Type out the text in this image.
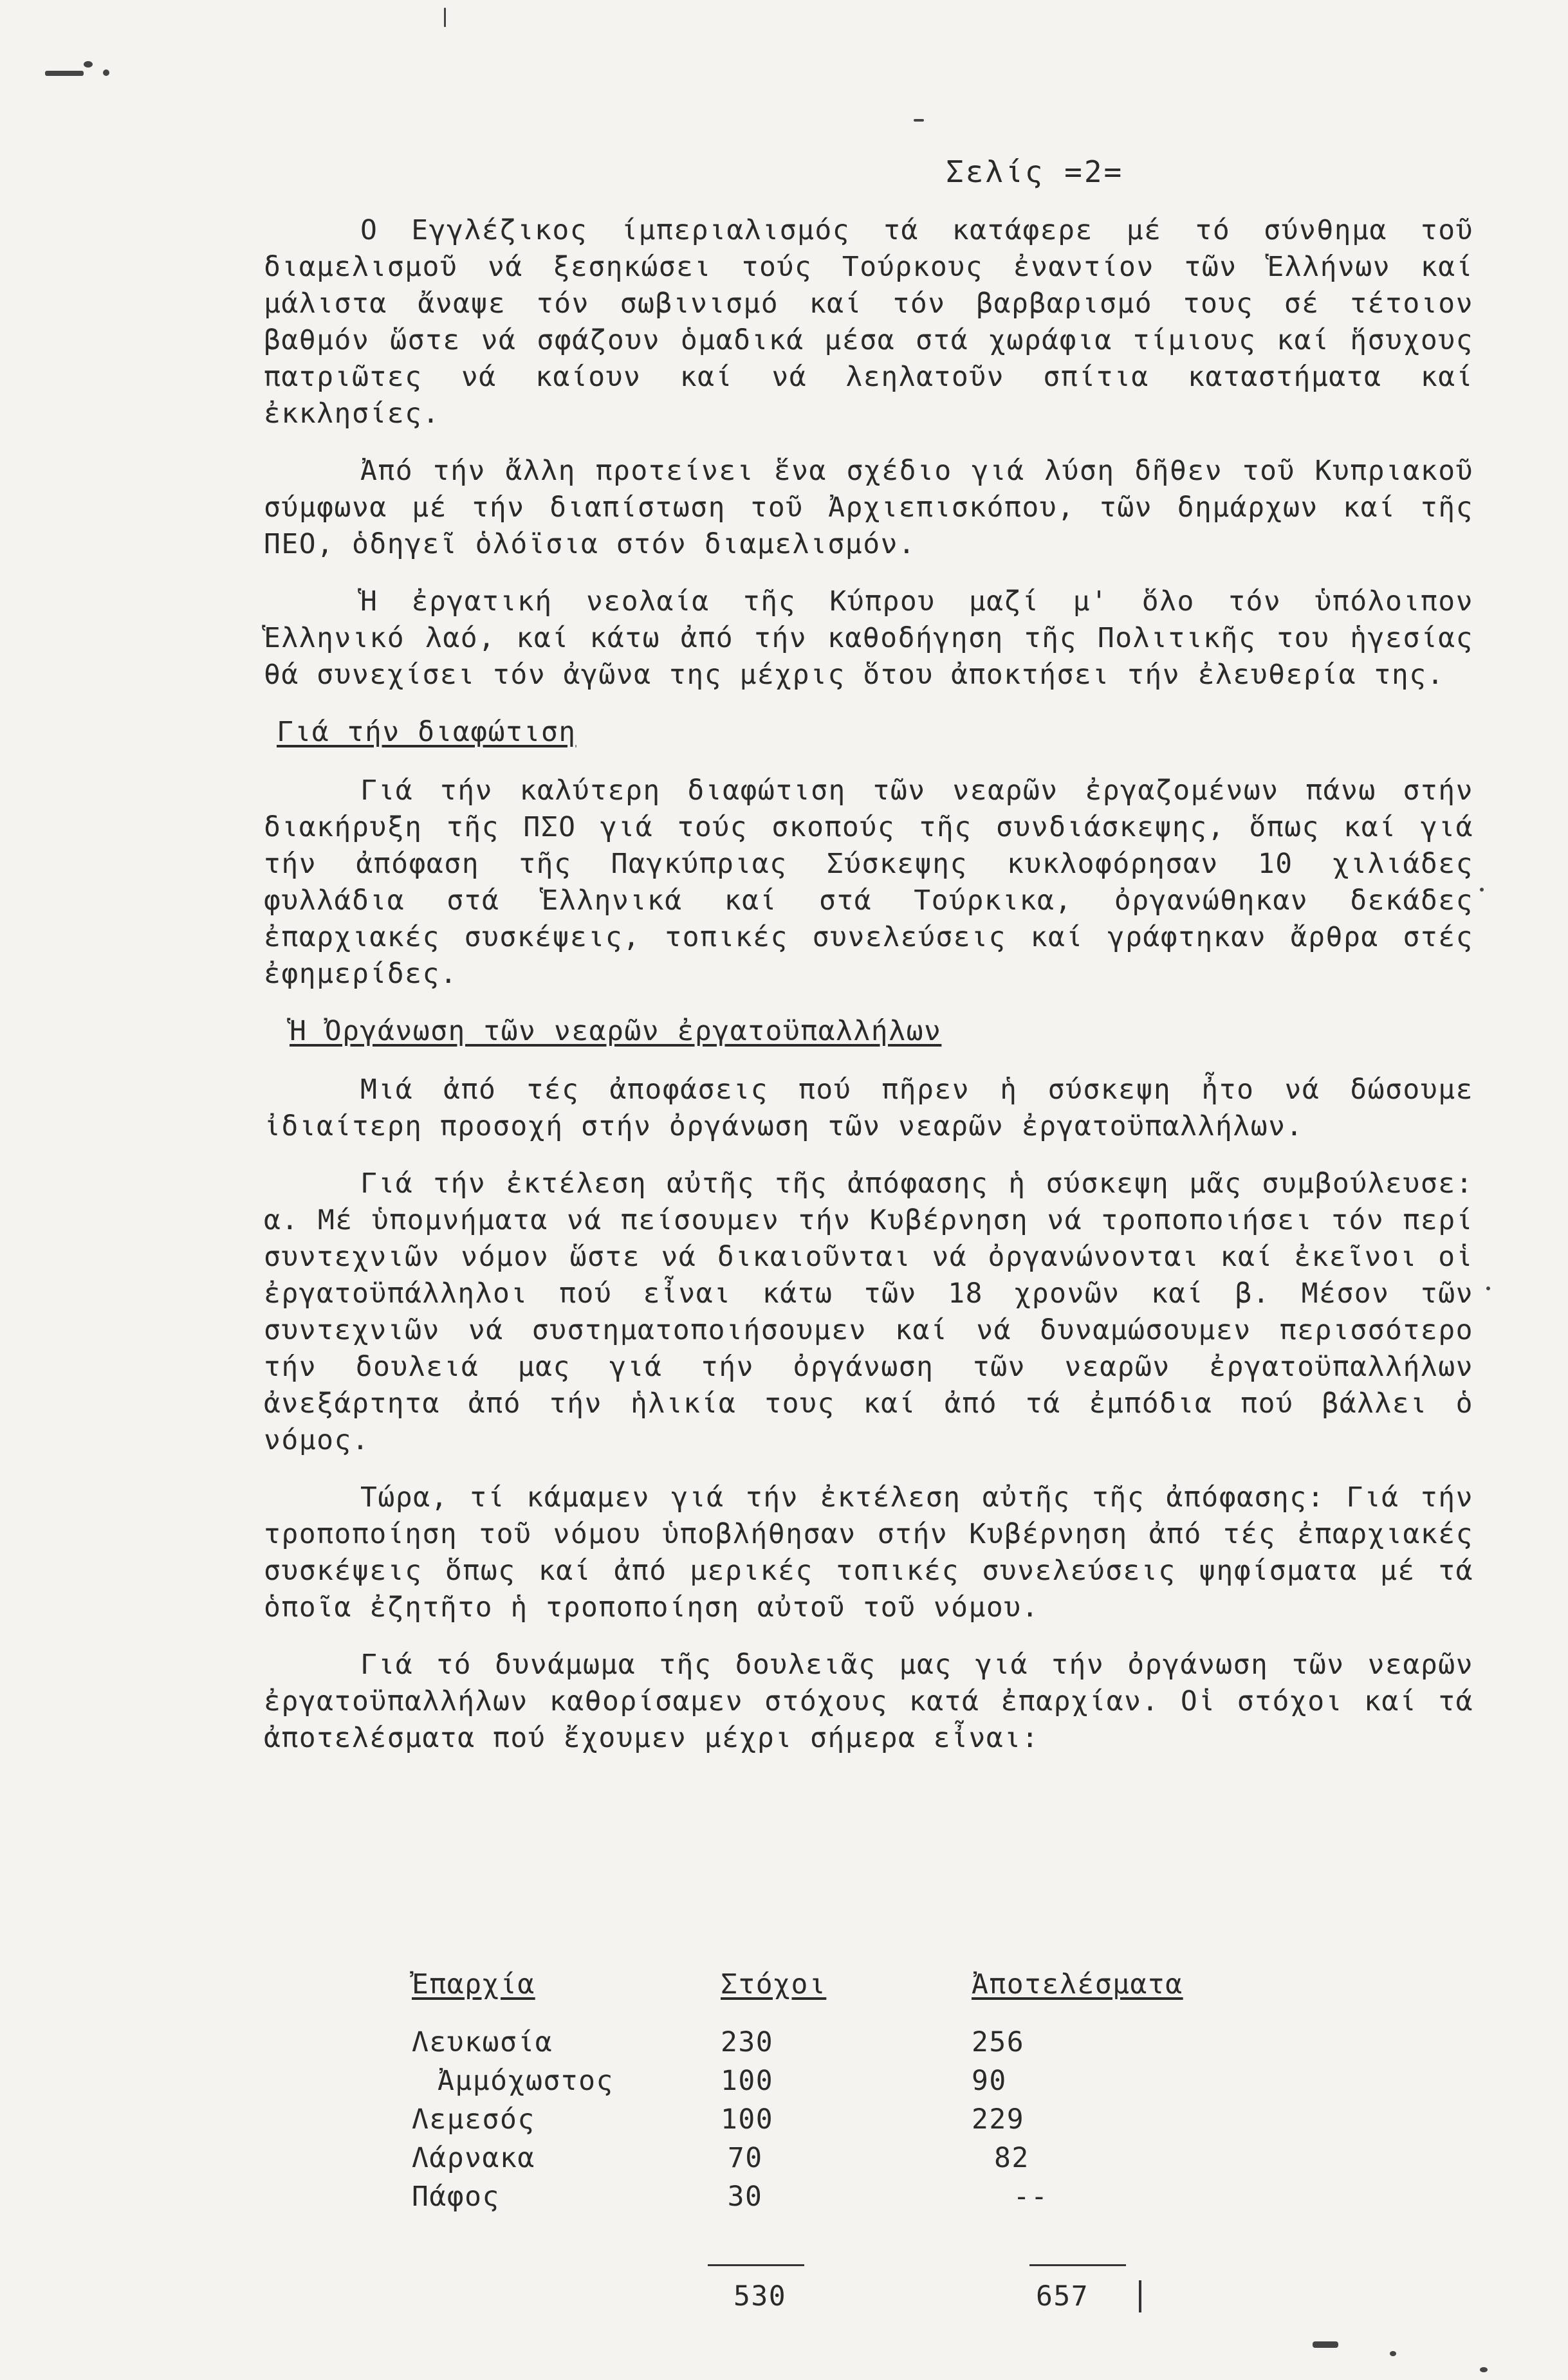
Σελίς =2=

Ο Εγγλέζικος ίμπεριαλισμός τά κατάφερε μέ τό σύνθημα τοῦ διαμελισμοῦ νά ξεσηκώσει τούς Τούρκους ἐναντίον τῶν Ἑλλήνων καί μάλιστα ἄναψε τόν σωβινισμό καί τόν βαρβαρισμό τους σέ τέτοιον βαθμόν ὥστε νά σφάζουν ὁμαδικά μέσα στά χωράφια τίμιους καί ἥσυχους πατριῶτες νά καίουν καί νά λεηλατοῦν σπίτια καταστήματα καί ἐκκλησίες.

Ἀπό τήν ἄλλη προτείνει ἕνα σχέδιο γιά λύση δῆθεν τοῦ Κυπριακοῦ σύμφωνα μέ τήν διαπίστωση τοῦ Ἀρχιεπισκόπου, τῶν δημάρχων καί τῆς ΠΕΟ, ὁδηγεῖ ὁλόϊσια στόν διαμελισμόν.

Ἡ ἐργατική νεολαία τῆς Κύπρου μαζί μ' ὅλο τόν ὑπόλοιπον Ἑλληνικό λαό, καί κάτω ἀπό τήν καθοδήγηση τῆς Πολιτικῆς του ἡγεσίας θά συνεχίσει τόν ἀγῶνα της μέχρις ὅτου ἀποκτήσει τήν ἐλευθερία της.

Γιά τήν διαφώτιση

Γιά τήν καλύτερη διαφώτιση τῶν νεαρῶν ἐργαζομένων πάνω στήν διακήρυξη τῆς ΠΣΟ γιά τούς σκοπούς τῆς συνδιάσκεψης, ὅπως καί γιά τήν ἀπόφαση τῆς Παγκύπριας Σύσκεψης κυκλοφόρησαν 10 χιλιάδες φυλλάδια στά Ἑλληνικά καί στά Τούρκικα, ὀργανώθηκαν δεκάδες ἐπαρχιακές συσκέψεις, τοπικές συνελεύσεις καί γράφτηκαν ἄρθρα στές ἐφημερίδες.

Ἡ Ὀργάνωση τῶν νεαρῶν ἐργατοϋπαλλήλων

Μιά ἀπό τές ἀποφάσεις πού πῆρεν ἡ σύσκεψη ἦτο νά δώσουμε ἰδιαίτερη προσοχή στήν ὀργάνωση τῶν νεαρῶν ἐργατοϋπαλλήλων.

Γιά τήν ἐκτέλεση αὐτῆς τῆς ἀπόφασης ἡ σύσκεψη μᾶς συμβούλευσε: α. Μέ ὑπομνήματα νά πείσουμεν τήν Κυβέρνηση νά τροποποιήσει τόν περί συντεχνιῶν νόμον ὥστε νά δικαιοῦνται νά ὀργανώνονται καί ἐκεῖνοι οἱ ἐργατοϋπάλληλοι πού εἶναι κάτω τῶν 18 χρονῶν καί β. Μέσον τῶν συντεχνιῶν νά συστηματοποιήσουμεν καί νά δυναμώσουμεν περισσότερο τήν δουλειά μας γιά τήν ὀργάνωση τῶν νεαρῶν ἐργατοϋπαλλήλων ἀνεξάρτητα ἀπό τήν ἡλικία τους καί ἀπό τά ἐμπόδια πού βάλλει ὁ νόμος.

Τώρα, τί κάμαμεν γιά τήν ἐκτέλεση αὐτῆς τῆς ἀπόφασης: Γιά τήν τροποποίηση τοῦ νόμου ὑποβλήθησαν στήν Κυβέρνηση ἀπό τές ἐπαρχιακές συσκέψεις ὅπως καί ἀπό μερικές τοπικές συνελεύσεις ψηφίσματα μέ τά ὁποῖα ἐζητῆτο ἡ τροποποίηση αὐτοῦ τοῦ νόμου.

Γιά τό δυνάμωμα τῆς δουλειᾶς μας γιά τήν ὀργάνωση τῶν νεαρῶν ἐργατοϋπαλλήλων καθορίσαμεν στόχους κατά ἐπαρχίαν. Οἱ στόχοι καί τά ἀποτελέσματα πού ἔχουμεν μέχρι σήμερα εἶναι:

Ἐπαρχία	Στόχοι	Ἀποτελέσματα
Λευκωσία	230	256
Ἀμμόχωστος	100	90
Λεμεσός	100	229
Λάρνακα	70	82
Πάφος	30	--
530	657
